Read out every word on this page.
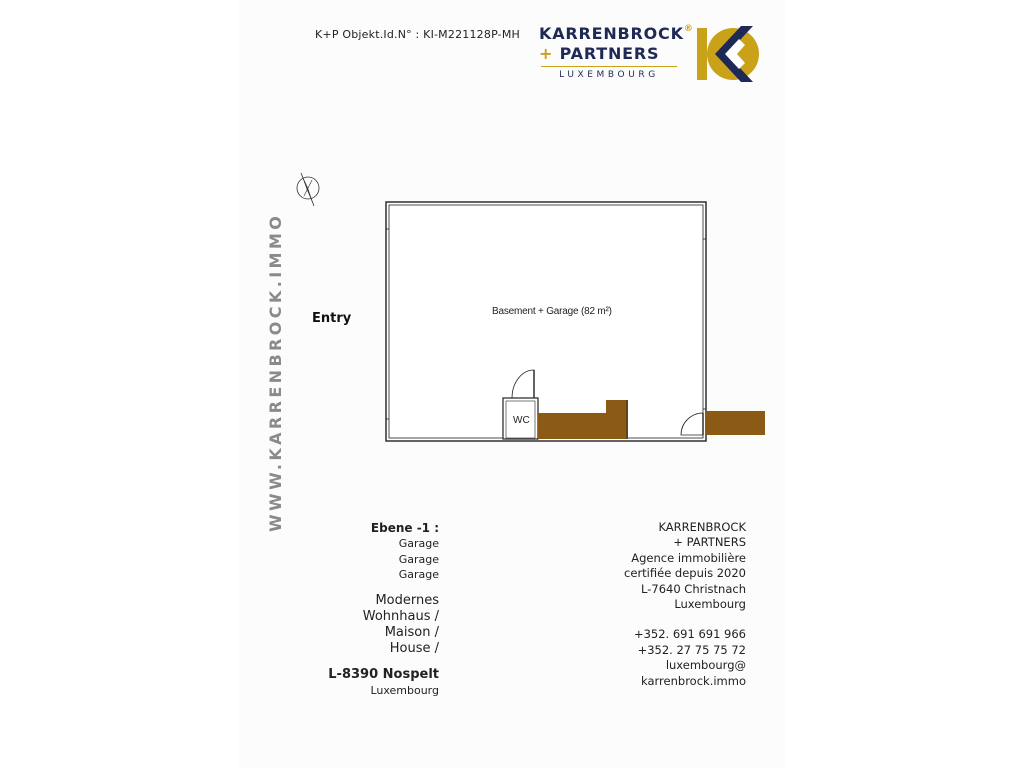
K+P Objekt.Id.N° : KI-M221128P-MH KARRENBROCK®
+ PARTNERS
LUXEMBOURG
WWW.KARRENBROCK.IMMO Entry	Basement + Garage (82 m²)
WC
Ebene -1 :
Garage
Garage
Garage
Modernes
Wohnhaus /
Maison /
House /
L-8390 Nospelt
Luxembourg
KARRENBROCK
+ PARTNERS
Agence immobilière
certifiée depuis 2020
L-7640 Christnach
Luxembourg
+352. 691 691 966
+352. 27 75 75 72
luxembourg@
karrenbrock.immo
